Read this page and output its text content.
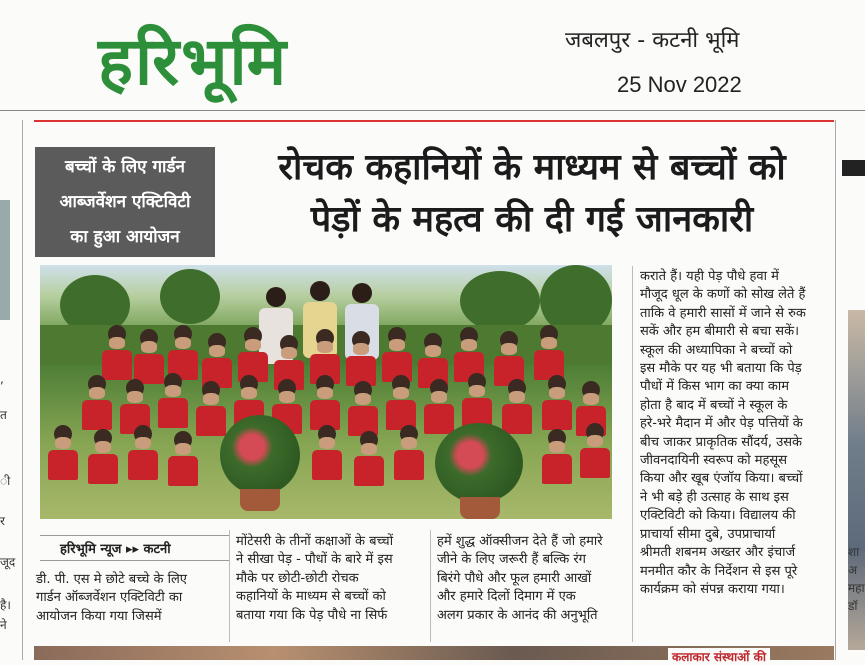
हरिभूमि	जबलपुर - कटनी भूमि
25 Nov 2022
,
त
ी
र
जूद
है।
ने
शा
अ
महा
डॉ
बच्चों के लिए गार्डन
आब्जर्वेशन एक्टिविटी
का हुआ आयोजन
रोचक कहानियों के माध्यम से बच्चों को
पेड़ों के महत्व की दी गई जानकारी
हरिभूमि न्यूज ▸▸ कटनी
डी. पी. एस मे छोटे बच्चे के लिए
गार्डन ऑब्जर्वेशन एक्टिविटी का
आयोजन किया गया जिसमें
मोंटेसरी के तीनों कक्षाओं के बच्चों
ने सीखा पेड़ - पौधों के बारे में इस
मौके पर छोटी-छोटी रोचक
कहानियों के माध्यम से बच्चों को
बताया गया कि पेड़ पौधे ना सिर्फ
हमें शुद्ध ऑक्सीजन देते हैं जो हमारे
जीने के लिए जरूरी हैं बल्कि रंग
बिरंगे पौधे और फूल हमारी आखों
और हमारे दिलों दिमाग में एक
अलग प्रकार के आनंद की अनुभूति
कराते हैं। यही पेड़ पौधे हवा में
मौजूद धूल के कणों को सोख लेते हैं
ताकि वे हमारी सासों में जाने से रुक
सकें और हम बीमारी से बचा सकें।
स्कूल की अध्यापिका ने बच्चों को
इस मौके पर यह भी बताया कि पेड़
पौधों में किस भाग का क्या काम
होता है बाद में बच्चों ने स्कूल के
हरे-भरे मैदान में और पेड़ पत्तियों के
बीच जाकर प्राकृतिक सौंदर्य, उसके
जीवनदायिनी स्वरूप को महसूस
किया और खूब एंजॉय किया। बच्चों
ने भी बड़े ही उत्साह के साथ इस
एक्टिविटी को किया। विद्यालय की
प्राचार्या सीमा दुबे, उपप्राचार्या
श्रीमती शबनम अख्तर और इंचार्ज
मनमीत कौर के निर्देशन से इस पूरे
कार्यक्रम को संपन्न कराया गया।
कलाकार संस्थाओं की
